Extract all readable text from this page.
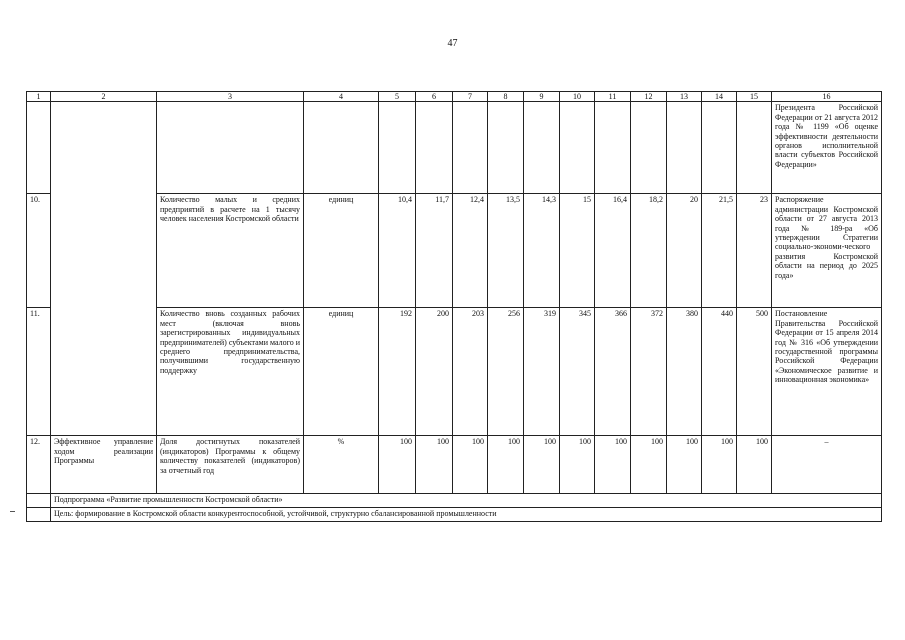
47
1	2	3	4	5	6	7	8	9	10	11	12	13	14	15	16
															Президента Российской Федерации от 21 августа 2012 года № 1199 «Об оценке эффективности деятельности органов исполнительной власти субъектов Российской Федерации»
10.		Количество малых и средних предприятий в расчете на 1 тысячу человек населения Костромской области	единиц	10,4	11,7	12,4	13,5	14,3	15	16,4	18,2	20	21,5	23	Распоряжение администрации Костромской области от 27 августа 2013 года № 189-ра «Об утверждении Стратегии социально-экономи-ческого развития Костромской области на период до 2025 года»
11.		Количество вновь созданных рабочих мест (включая вновь зарегистрированных индивидуальных предпринимателей) субъектами малого и среднего предпринимательства, получившими государственную поддержку	единиц	192	200	203	256	319	345	366	372	380	440	500	Постановление Правительства Российской Федерации от 15 апреля 2014 год № 316 «Об утверждении государственной программы Российской Федерации «Экономическое развитие и инновационная экономика»
12.	Эффективное управление ходом реализации Программы	Доля достигнутых показателей (индикаторов) Программы к общему количеству показателей (индикаторов) за отчетный год	%	100	100	100	100	100	100	100	100	100	100	100	–
	Подпрограмма «Развитие промышленности Костромской области»														
	Цель: формирование в Костромской области конкурентоспособной, устойчивой, структурно сбалансированной промышленности														
